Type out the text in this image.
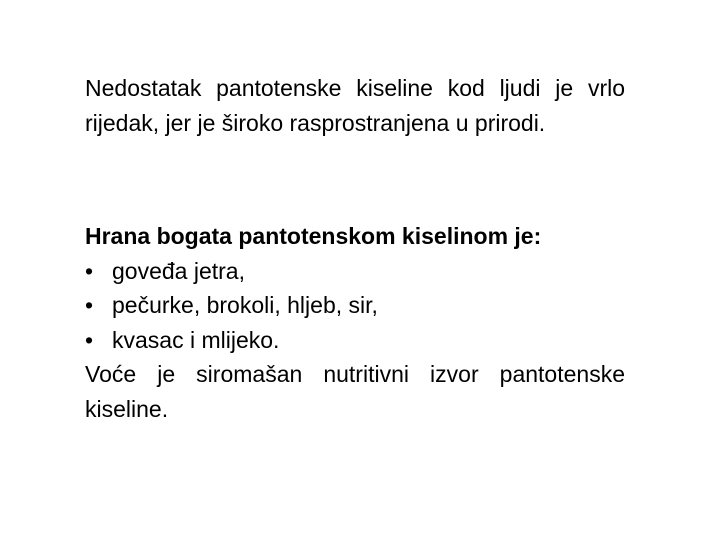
Nedostatak pantotenske kiseline kod ljudi je vrlo rijedak, jer je široko rasprostranjena u prirodi.
Hrana bogata pantotenskom kiselinom je:
• goveđa jetra,
• pečurke, brokoli, hljeb, sir,
• kvasac i mlijeko.
Voće je siromašan nutritivni izvor pantotenske kiseline.
